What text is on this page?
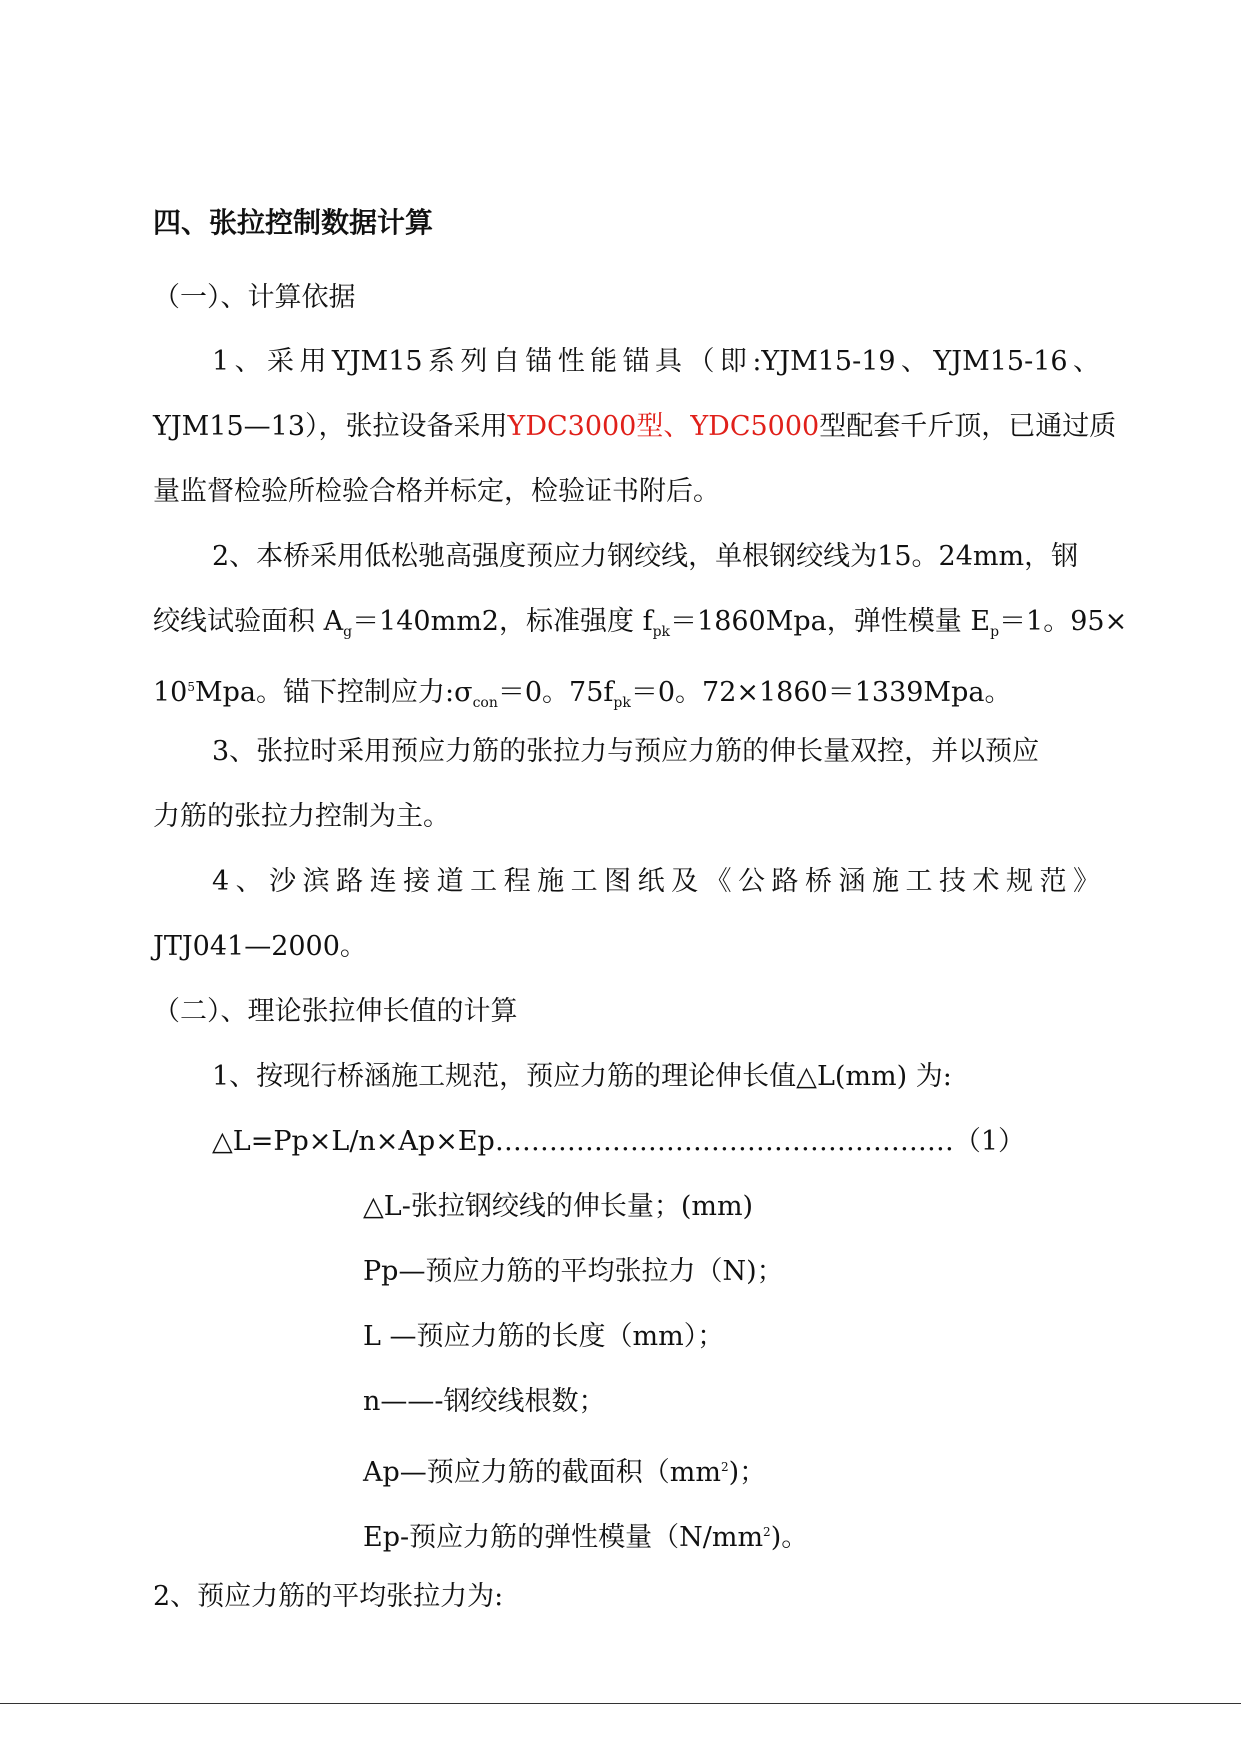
四、张拉控制数据计算
（一）、计算依据
1、采用YJM15系列自锚性能锚具（即:YJM15-19、YJM15-16、
YJM15—13），张拉设备采用YDC3000型、YDC5000型配套千斤顶，已通过质
量监督检验所检验合格并标定，检验证书附后。
2、本桥采用低松驰高强度预应力钢绞线，单根钢绞线为15。24mm，钢
绞线试验面积 $A_g=140mm2$，标准强度 $f_{pk}=1860Mpa$，弹性模量 $E_p=1$。95×
$10^5Mpa$。锚下控制应力$:\sigma_{con}=0$。$75f_{pk}=0$。72×1860＝1339Mpa。
3、张拉时采用预应力筋的张拉力与预应力筋的伸长量双控，并以预应
力筋的张拉力控制为主。
4、沙滨路连接道工程施工图纸及《公路桥涵施工技术规范》
JTJ041—2000。
（二）、理论张拉伸长值的计算
1、按现行桥涵施工规范，预应力筋的理论伸长值△L(mm) 为:
△L=Pp×L/n×Ap×Ep……………………………………………（1）
△L-张拉钢绞线的伸长量；(mm)
Pp—预应力筋的平均张拉力（N)；
L —预应力筋的长度（mm）；
n——-钢绞线根数；
Ap—预应力筋的截面积$(mm^2)$；
Ep-预应力筋的弹性模量$(N/mm^2)$。
2、预应力筋的平均张拉力为:
